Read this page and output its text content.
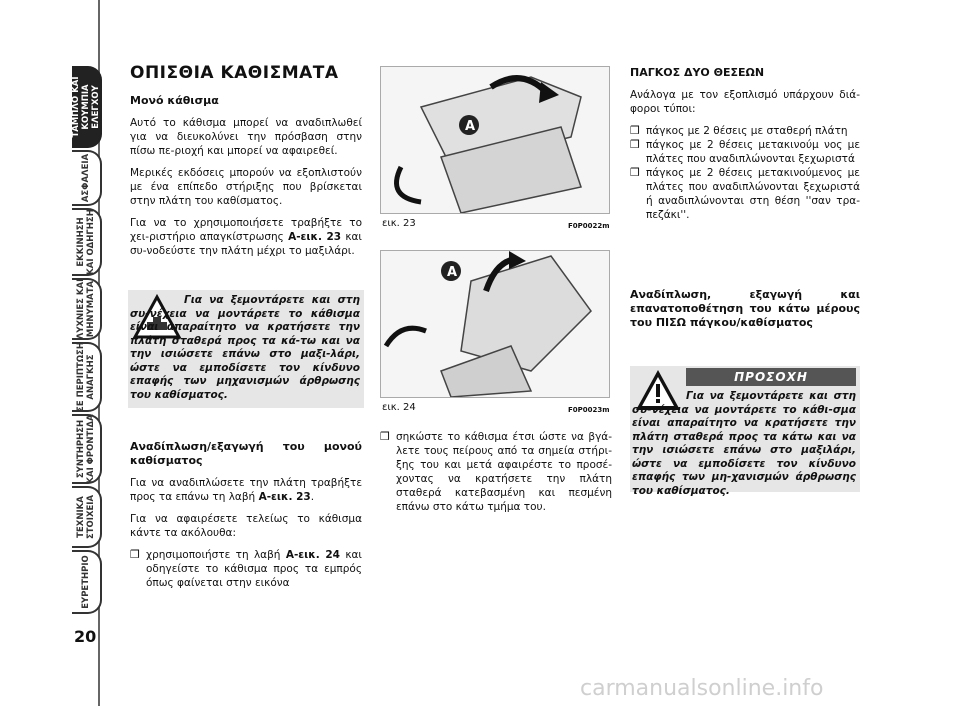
ΤΑΜΠΛΟ ΚΑΙ
ΚΟΥΜΠΙΑ
ΕΛΕΓΧΟΥ
ΑΣΦΑΛΕΙΑ
ΕΚΚΙΝΗΣΗ
ΚΑΙ ΟΔΗΓΗΣΗ
ΛΥΧΝΙΕΣ ΚΑΙ
ΜΗΝΥΜΑΤΑ
ΣΕ ΠΕΡΙΠΤΩΣΗ
ΑΝΑΓΚΗΣ
ΣΥΝΤΗΡΗΣΗ
ΚΑΙ ΦΡΟΝΤΙΔΑ
ΤΕΧΝΙΚΑ
ΣΤΟΙΧΕΙΑ
ΕΥΡΕΤΗΡΙΟ
20
ΟΠΙΣΘΙΑ ΚΑΘΙΣΜΑΤΑ

Μονό κάθισμα

Αυτό το κάθισμα μπορεί να αναδιπλωθεί για να διευκολύνει την πρόσβαση στην πίσω πε-ριοχή και μπορεί να αφαιρεθεί.

Μερικές εκδόσεις μπορούν να εξοπλιστούν με ένα επίπεδο στήριξης που βρίσκεται στην πλάτη του καθίσματος.

Για να το χρησιμοποιήσετε τραβήξτε το χει-ριστήριο απαγκίστρωσης Α-εικ. 23 και συ-νοδεύστε την πλάτη μέχρι το μαξιλάρι.

Για να ξεμοντάρετε και στη συ-νέχεια να μοντάρετε το κάθισμα είναι απαραίτητο να κρατήσετε την πλάτη σταθερά προς τα κά-τω και να την ισιώσετε επάνω στο μαξι-λάρι, ώστε να εμποδίσετε τον κίνδυνο επαφής των μηχανισμών άρθρωσης του καθίσματος.

Αναδίπλωση/εξαγωγή του μονού καθίσματος

Για να αναδιπλώσετε την πλάτη τραβήξτε προς τα επάνω τη λαβή Α-εικ. 23.

Για να αφαιρέσετε τελείως το κάθισμα κάντε τα ακόλουθα:

❒ χρησιμοποιήστε τη λαβή Α-εικ. 24 και οδηγείστε το κάθισμα προς τα εμπρός όπως φαίνεται στην εικόνα
A
εικ. 23	F0P0022m
A
εικ. 24	F0P0023m
❒ σηκώστε το κάθισμα έτσι ώστε να βγά-λετε τους πείρους από τα σημεία στήρι-ξης του και μετά αφαιρέστε το προσέ-χοντας να κρατήσετε την πλάτη σταθερά κατεβασμένη και πεσμένη επάνω στο κάτω τμήμα του.

ΠΑΓΚΟΣ ΔΥΟ ΘΕΣΕΩΝ

Ανάλογα με τον εξοπλισμό υπάρχουν διά-φοροι τύποι:

❒ πάγκος με 2 θέσεις με σταθερή πλάτη
❒ πάγκος με 2 θέσεις μετακινούμ νος με πλάτες που αναδιπλώνονται ξεχωριστά
❒ πάγκος με 2 θέσεις μετακινούμενος με πλάτες που αναδιπλώνονται ξεχωριστά ή αναδιπλώνονται στη θέση ''σαν τρα-πεζάκι''.

Αναδίπλωση, εξαγωγή και επανατοποθέτηση του κάτω μέρους του ΠΙΣΩ πάγκου/καθίσματος

ΠΡΟΣΟΧΗ
Για να ξεμοντάρετε και στη συ-νέχεια να μοντάρετε το κάθι-σμα είναι απαραίτητο να κρατήσετε την πλάτη σταθερά προς τα κάτω και να την ισιώσετε επάνω στο μαξιλάρι, ώστε να εμποδίσετε τον κίνδυνο επαφής των μη-χανισμών άρθρωσης του καθίσματος.
carmanualsonline.info
